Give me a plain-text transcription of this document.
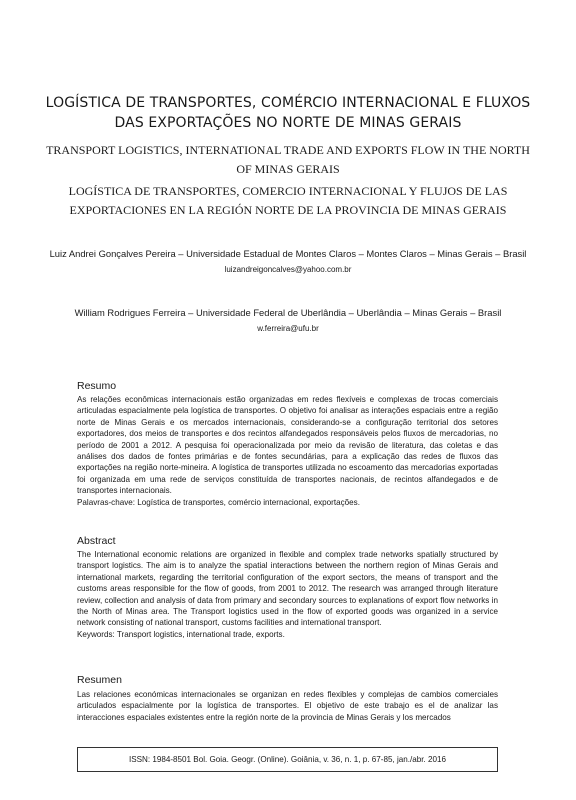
LOGÍSTICA DE TRANSPORTES, COMÉRCIO INTERNACIONAL E FLUXOS DAS EXPORTAÇÕES NO NORTE DE MINAS GERAIS
TRANSPORT LOGISTICS, INTERNATIONAL TRADE AND EXPORTS FLOW IN THE NORTH OF MINAS GERAIS
LOGÍSTICA DE TRANSPORTES, COMERCIO INTERNACIONAL Y FLUJOS DE LAS EXPORTACIONES EN LA REGIÓN NORTE DE LA PROVINCIA DE MINAS GERAIS
Luiz Andrei Gonçalves Pereira – Universidade Estadual de Montes Claros – Montes Claros – Minas Gerais – Brasil
luizandreigoncalves@yahoo.com.br
William Rodrigues Ferreira – Universidade Federal de Uberlândia – Uberlândia – Minas Gerais – Brasil
w.ferreira@ufu.br
Resumo

As relações econômicas internacionais estão organizadas em redes flexíveis e complexas de trocas comerciais articuladas espacialmente pela logística de transportes. O objetivo foi analisar as interações espaciais entre a região norte de Minas Gerais e os mercados internacionais, considerando-se a configuração territorial dos setores exportadores, dos meios de transportes e dos recintos alfandegados responsáveis pelos fluxos de mercadorias, no período de 2001 a 2012. A pesquisa foi operacionalizada por meio da revisão de literatura, das coletas e das análises dos dados de fontes primárias e de fontes secundárias, para a explicação das redes de fluxos das exportações na região norte-mineira. A logística de transportes utilizada no escoamento das mercadorias exportadas foi organizada em uma rede de serviços constituída de transportes nacionais, de recintos alfandegados e de transportes internacionais.
Palavras-chave: Logística de transportes, comércio internacional, exportações.

Abstract

The International economic relations are organized in flexible and complex trade networks spatially structured by transport logistics. The aim is to analyze the spatial interactions between the northern region of Minas Gerais and international markets, regarding the territorial configuration of the export sectors, the means of transport and the customs areas responsible for the flow of goods, from 2001 to 2012. The research was arranged through literature review, collection and analysis of data from primary and secondary sources to explanations of export flow networks in the North of Minas area. The Transport logistics used in the flow of exported goods was organized in a service network consisting of national transport, customs facilities and international transport.
Keywords: Transport logistics, international trade, exports.

Resumen

Las relaciones económicas internacionales se organizan en redes flexibles y complejas de cambios comerciales articulados espacialmente por la logística de transportes. El objetivo de este trabajo es el de analizar las interacciones espaciales existentes entre la región norte de la provincia de Minas Gerais y los mercados

ISSN: 1984-8501 Bol. Goia. Geogr. (Online). Goiânia, v. 36, n. 1, p. 67-85, jan./abr. 2016
